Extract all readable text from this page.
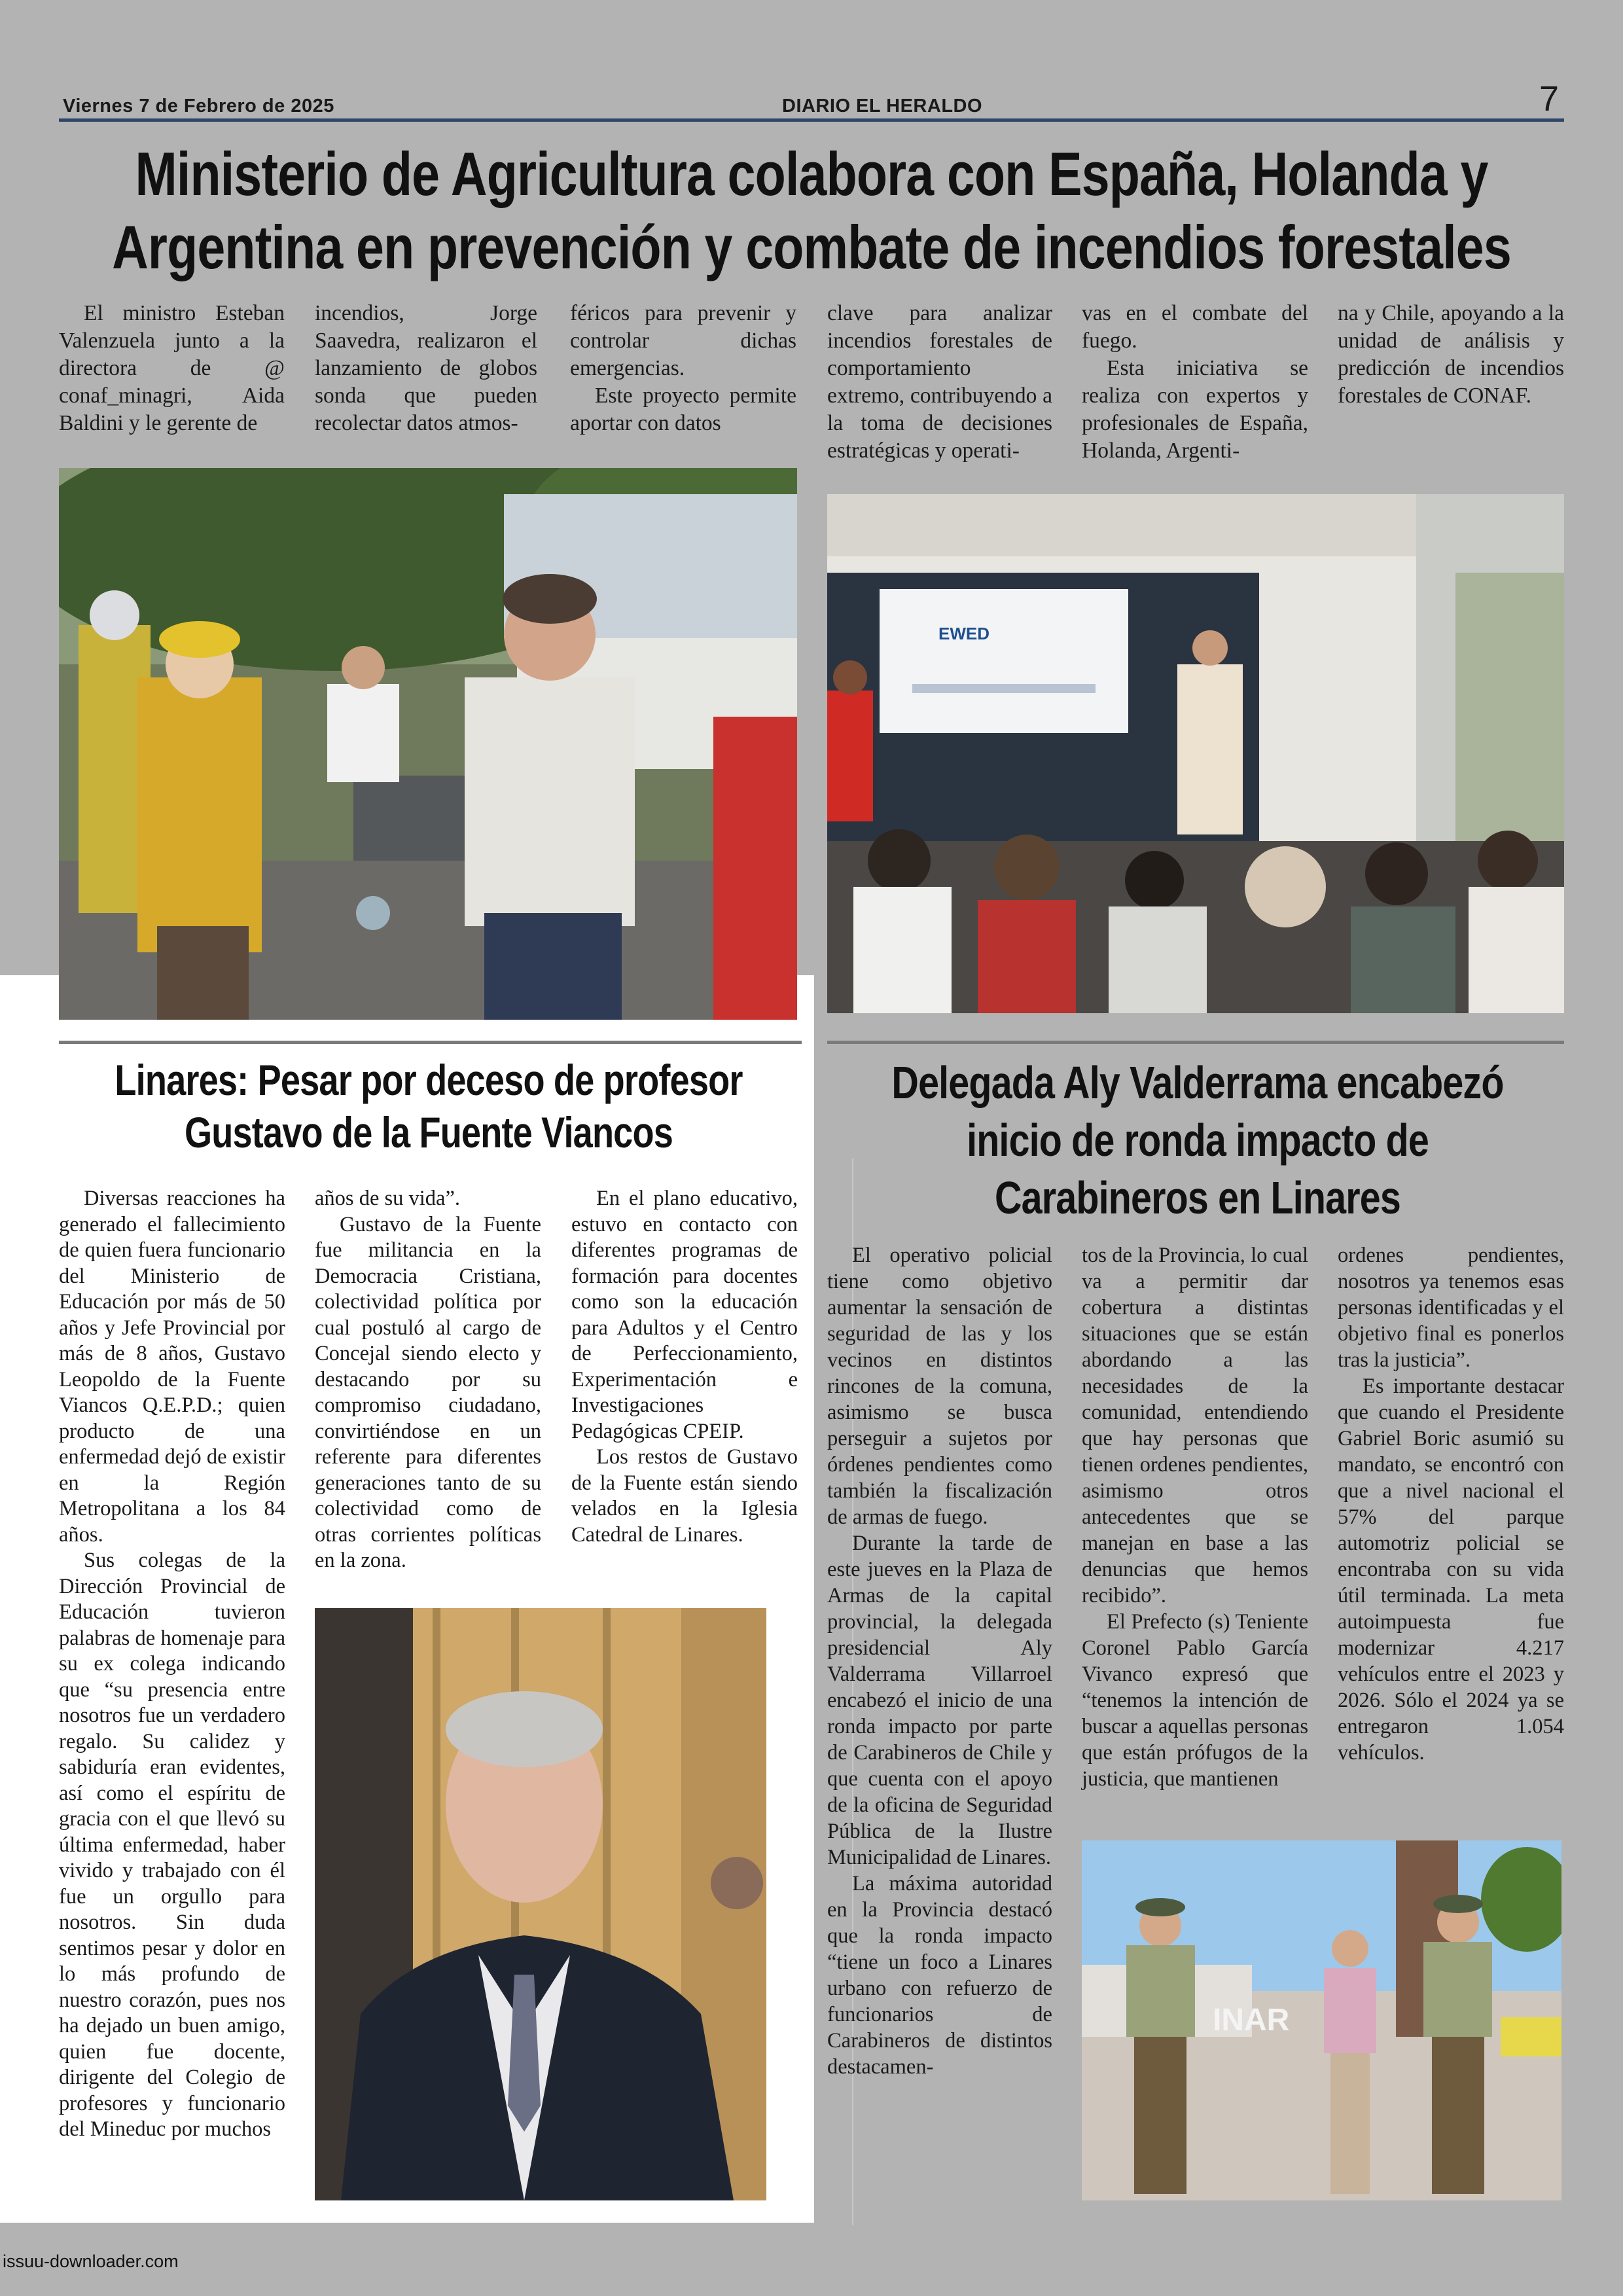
Viernes 7 de Febrero de 2025	DIARIO EL HERALDO	7
Ministerio de Agricultura colabora con España, Holanda y
Argentina en prevención y combate de incendios forestales

El ministro Esteban Valenzuela junto a la directora de @ conaf_minagri, Aida Baldini y le gerente de

incendios, Jorge Saavedra, realizaron el lanzamiento de globos sonda que pueden recolectar datos atmos-

féricos para prevenir y controlar dichas emergencias.

Este proyecto permite aportar con datos

clave para analizar incendios forestales de comportamiento extremo, contribuyendo a la toma de decisiones estratégicas y operati-

vas en el combate del fuego.

Esta iniciativa se realiza con expertos y profesionales de España, Holanda, Argenti-

na y Chile, apoyando a la unidad de análisis y predicción de incendios forestales de CONAF.

EWED
Linares: Pesar por deceso de profesor
Gustavo de la Fuente Viancos

Diversas reacciones ha generado el fallecimiento de quien fuera funcionario del Ministerio de Educación por más de 50 años y Jefe Provincial por más de 8 años, Gustavo Leopoldo de la Fuente Viancos Q.E.P.D.; quien producto de una enfermedad dejó de existir en la Región Metropolitana a los 84 años.

Sus colegas de la Dirección Provincial de Educación tuvieron palabras de homenaje para su ex colega indicando que “su presencia entre nosotros fue un verdadero regalo. Su calidez y sabiduría eran evidentes, así como el espíritu de gracia con el que llevó su última enfermedad, haber vivido y trabajado con él fue un orgullo para nosotros. Sin duda sentimos pesar y dolor en lo más profundo de nuestro corazón, pues nos ha dejado un buen amigo, quien fue docente, dirigente del Colegio de profesores y funcionario del Mineduc por muchos

años de su vida”.

Gustavo de la Fuente fue militancia en la Democracia Cristiana, colectividad política por cual postuló al cargo de Concejal siendo electo y destacando por su compromiso ciudadano, convirtiéndose en un referente para diferentes generaciones tanto de su colectividad como de otras corrientes políticas en la zona.

En el plano educativo, estuvo en contacto con diferentes programas de formación para docentes como son la educación para Adultos y el Centro de Perfeccionamiento, Experimentación e Investigaciones Pedagógicas CPEIP.

Los restos de Gustavo de la Fuente están siendo velados en la Iglesia Catedral de Linares.

Delegada Aly Valderrama encabezó
inicio de ronda impacto de
Carabineros en Linares

El operativo policial tiene como objetivo aumentar la sensación de seguridad de las y los vecinos en distintos rincones de la comuna, asimismo se busca perseguir a sujetos por órdenes pendientes como también la fiscalización de armas de fuego.

Durante la tarde de este jueves en la Plaza de Armas de la capital provincial, la delegada presidencial Aly Valderrama Villarroel encabezó el inicio de una ronda impacto por parte de Carabineros de Chile y que cuenta con el apoyo de la oficina de Seguridad Pública de la Ilustre Municipalidad de Linares.

La máxima autoridad en la Provincia destacó que la ronda impacto “tiene un foco a Linares urbano con refuerzo de funcionarios de Carabineros de distintos destacamen-

tos de la Provincia, lo cual va a permitir dar cobertura a distintas situaciones que se están abordando a las necesidades de la comunidad, entendiendo que hay personas que tienen ordenes pendientes, asimismo otros antecedentes que se manejan en base a las denuncias que hemos recibido”.

El Prefecto (s) Teniente Coronel Pablo García Vivanco expresó que “tenemos la intención de buscar a aquellas personas que están prófugos de la justicia, que mantienen

ordenes pendientes, nosotros ya tenemos esas personas identificadas y el objetivo final es ponerlos tras la justicia”.

Es importante destacar que cuando el Presidente Gabriel Boric asumió su mandato, se encontró con que a nivel nacional el 57% del parque automotriz policial se encontraba con su vida útil terminada. La meta autoimpuesta fue modernizar 4.217 vehículos entre el 2023 y 2026. Sólo el 2024 ya se entregaron 1.054 vehículos.

INAR
issuu-downloader.com
